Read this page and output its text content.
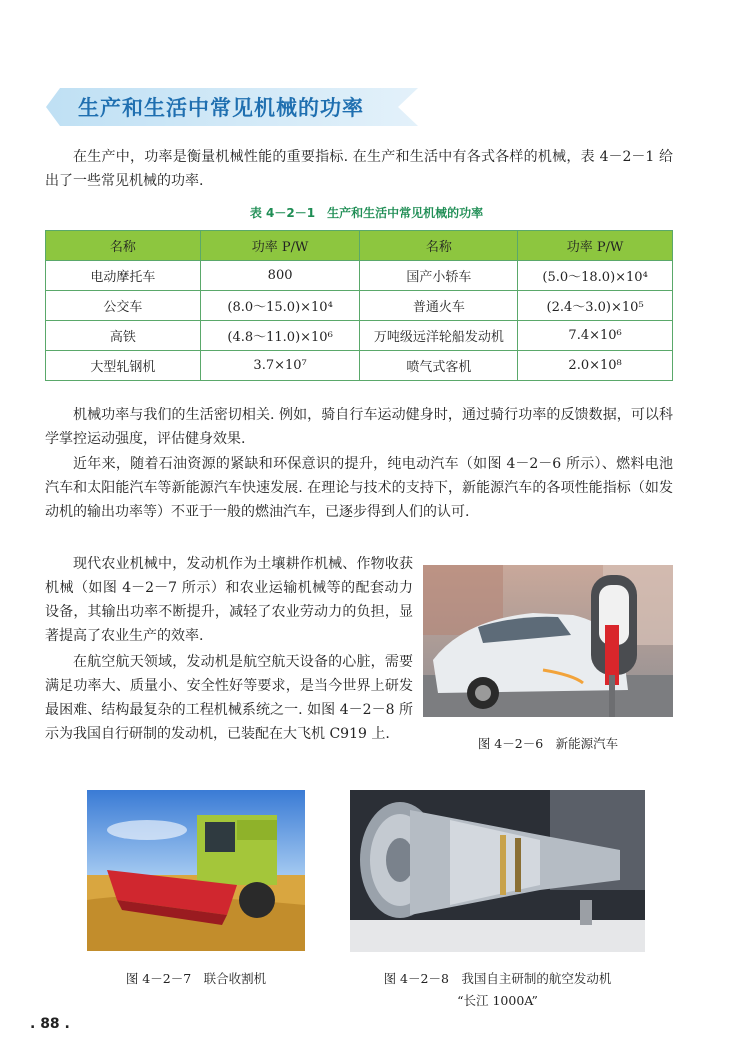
生产和生活中常见机械的功率

在生产中，功率是衡量机械性能的重要指标. 在生产和生活中有各式各样的机械，表 4－2－1 给出了一些常见机械的功率.

表 4－2－1　生产和生活中常见机械的功率
名称	功率 P/W	名称	功率 P/W
电动摩托车	800	国产小轿车	(5.0～18.0)×10⁴
公交车	(8.0～15.0)×10⁴	普通火车	(2.4～3.0)×10⁵
高铁	(4.8～11.0)×10⁶	万吨级远洋轮船发动机	7.4×10⁶
大型轧钢机	3.7×10⁷	喷气式客机	2.0×10⁸

机械功率与我们的生活密切相关. 例如，骑自行车运动健身时，通过骑行功率的反馈数据，可以科学掌控运动强度，评估健身效果.

近年来，随着石油资源的紧缺和环保意识的提升，纯电动汽车（如图 4－2－6 所示）、燃料电池汽车和太阳能汽车等新能源汽车快速发展. 在理论与技术的支持下，新能源汽车的各项性能指标（如发动机的输出功率等）不亚于一般的燃油汽车，已逐步得到人们的认可.

现代农业机械中，发动机作为土壤耕作机械、作物收获机械（如图 4－2－7 所示）和农业运输机械等的配套动力设备，其输出功率不断提升，减轻了农业劳动力的负担，显著提高了农业生产的效率.

在航空航天领域，发动机是航空航天设备的心脏，需要满足功率大、质量小、安全性好等要求，是当今世界上研发最困难、结构最复杂的工程机械系统之一. 如图 4－2－8 所示为我国自行研制的发动机，已装配在大飞机 C919 上.

图 4－2－6　新能源汽车
图 4－2－7　联合收割机	图 4－2－8　我国自主研制的航空发动机
“长江 1000A”
. 88 .
